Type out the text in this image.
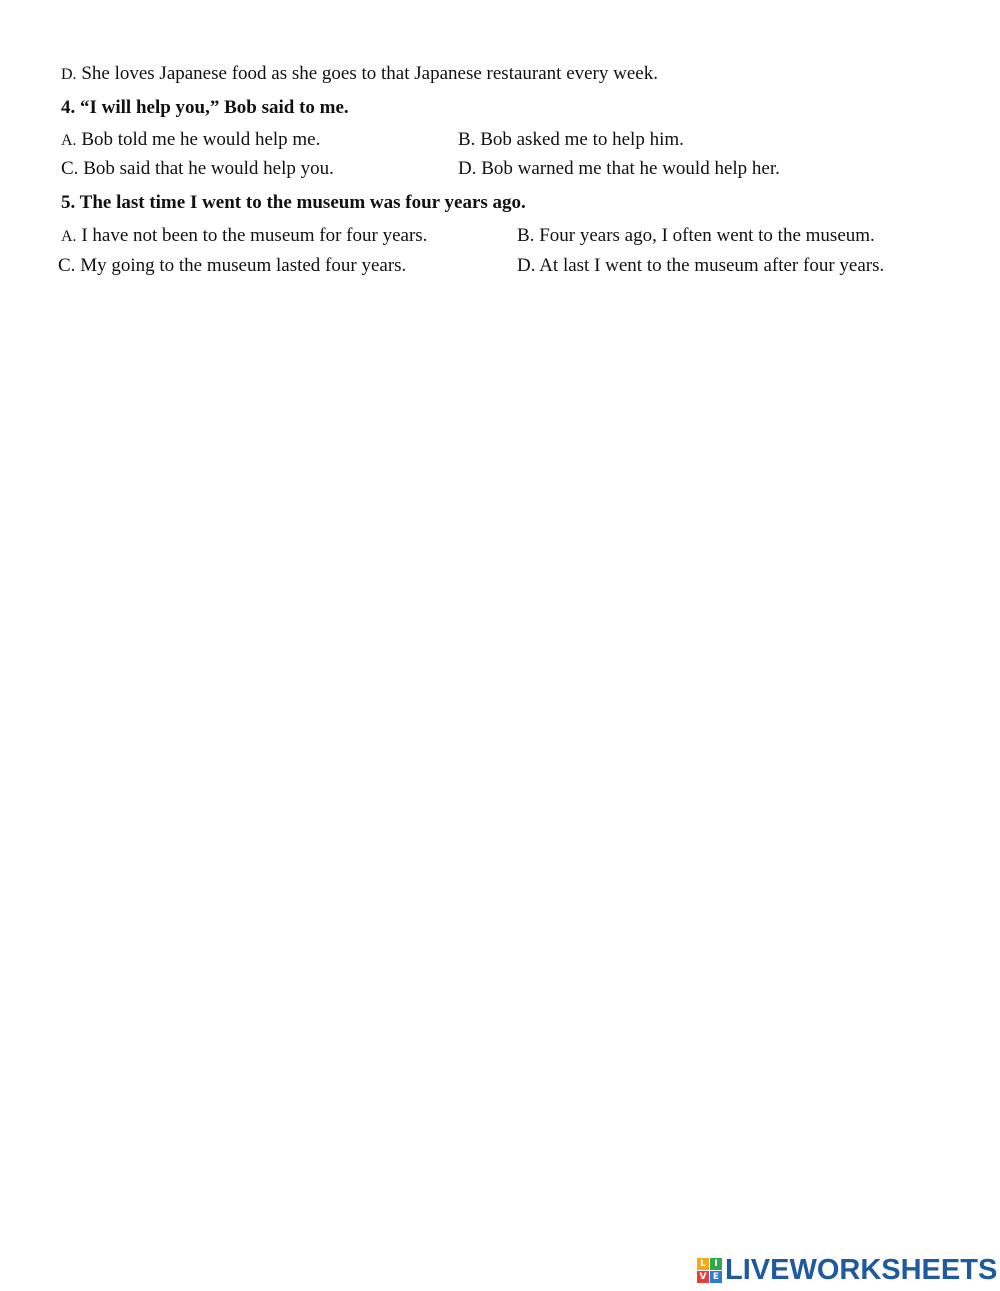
D. She loves Japanese food as she goes to that Japanese restaurant every week.
4. “I will help you,” Bob said to me.
A. Bob told me he would help me.	B. Bob asked me to help him.
C. Bob said that he would help you.	D. Bob warned me that he would help her.
5. The last time I went to the museum was four years ago.
A. I have not been to the museum for four years.	B. Four years ago, I often went to the museum.
C. My going to the museum lasted four years.	D. At last I went to the museum after four years.
L I
V E LIVEWORKSHEETS
